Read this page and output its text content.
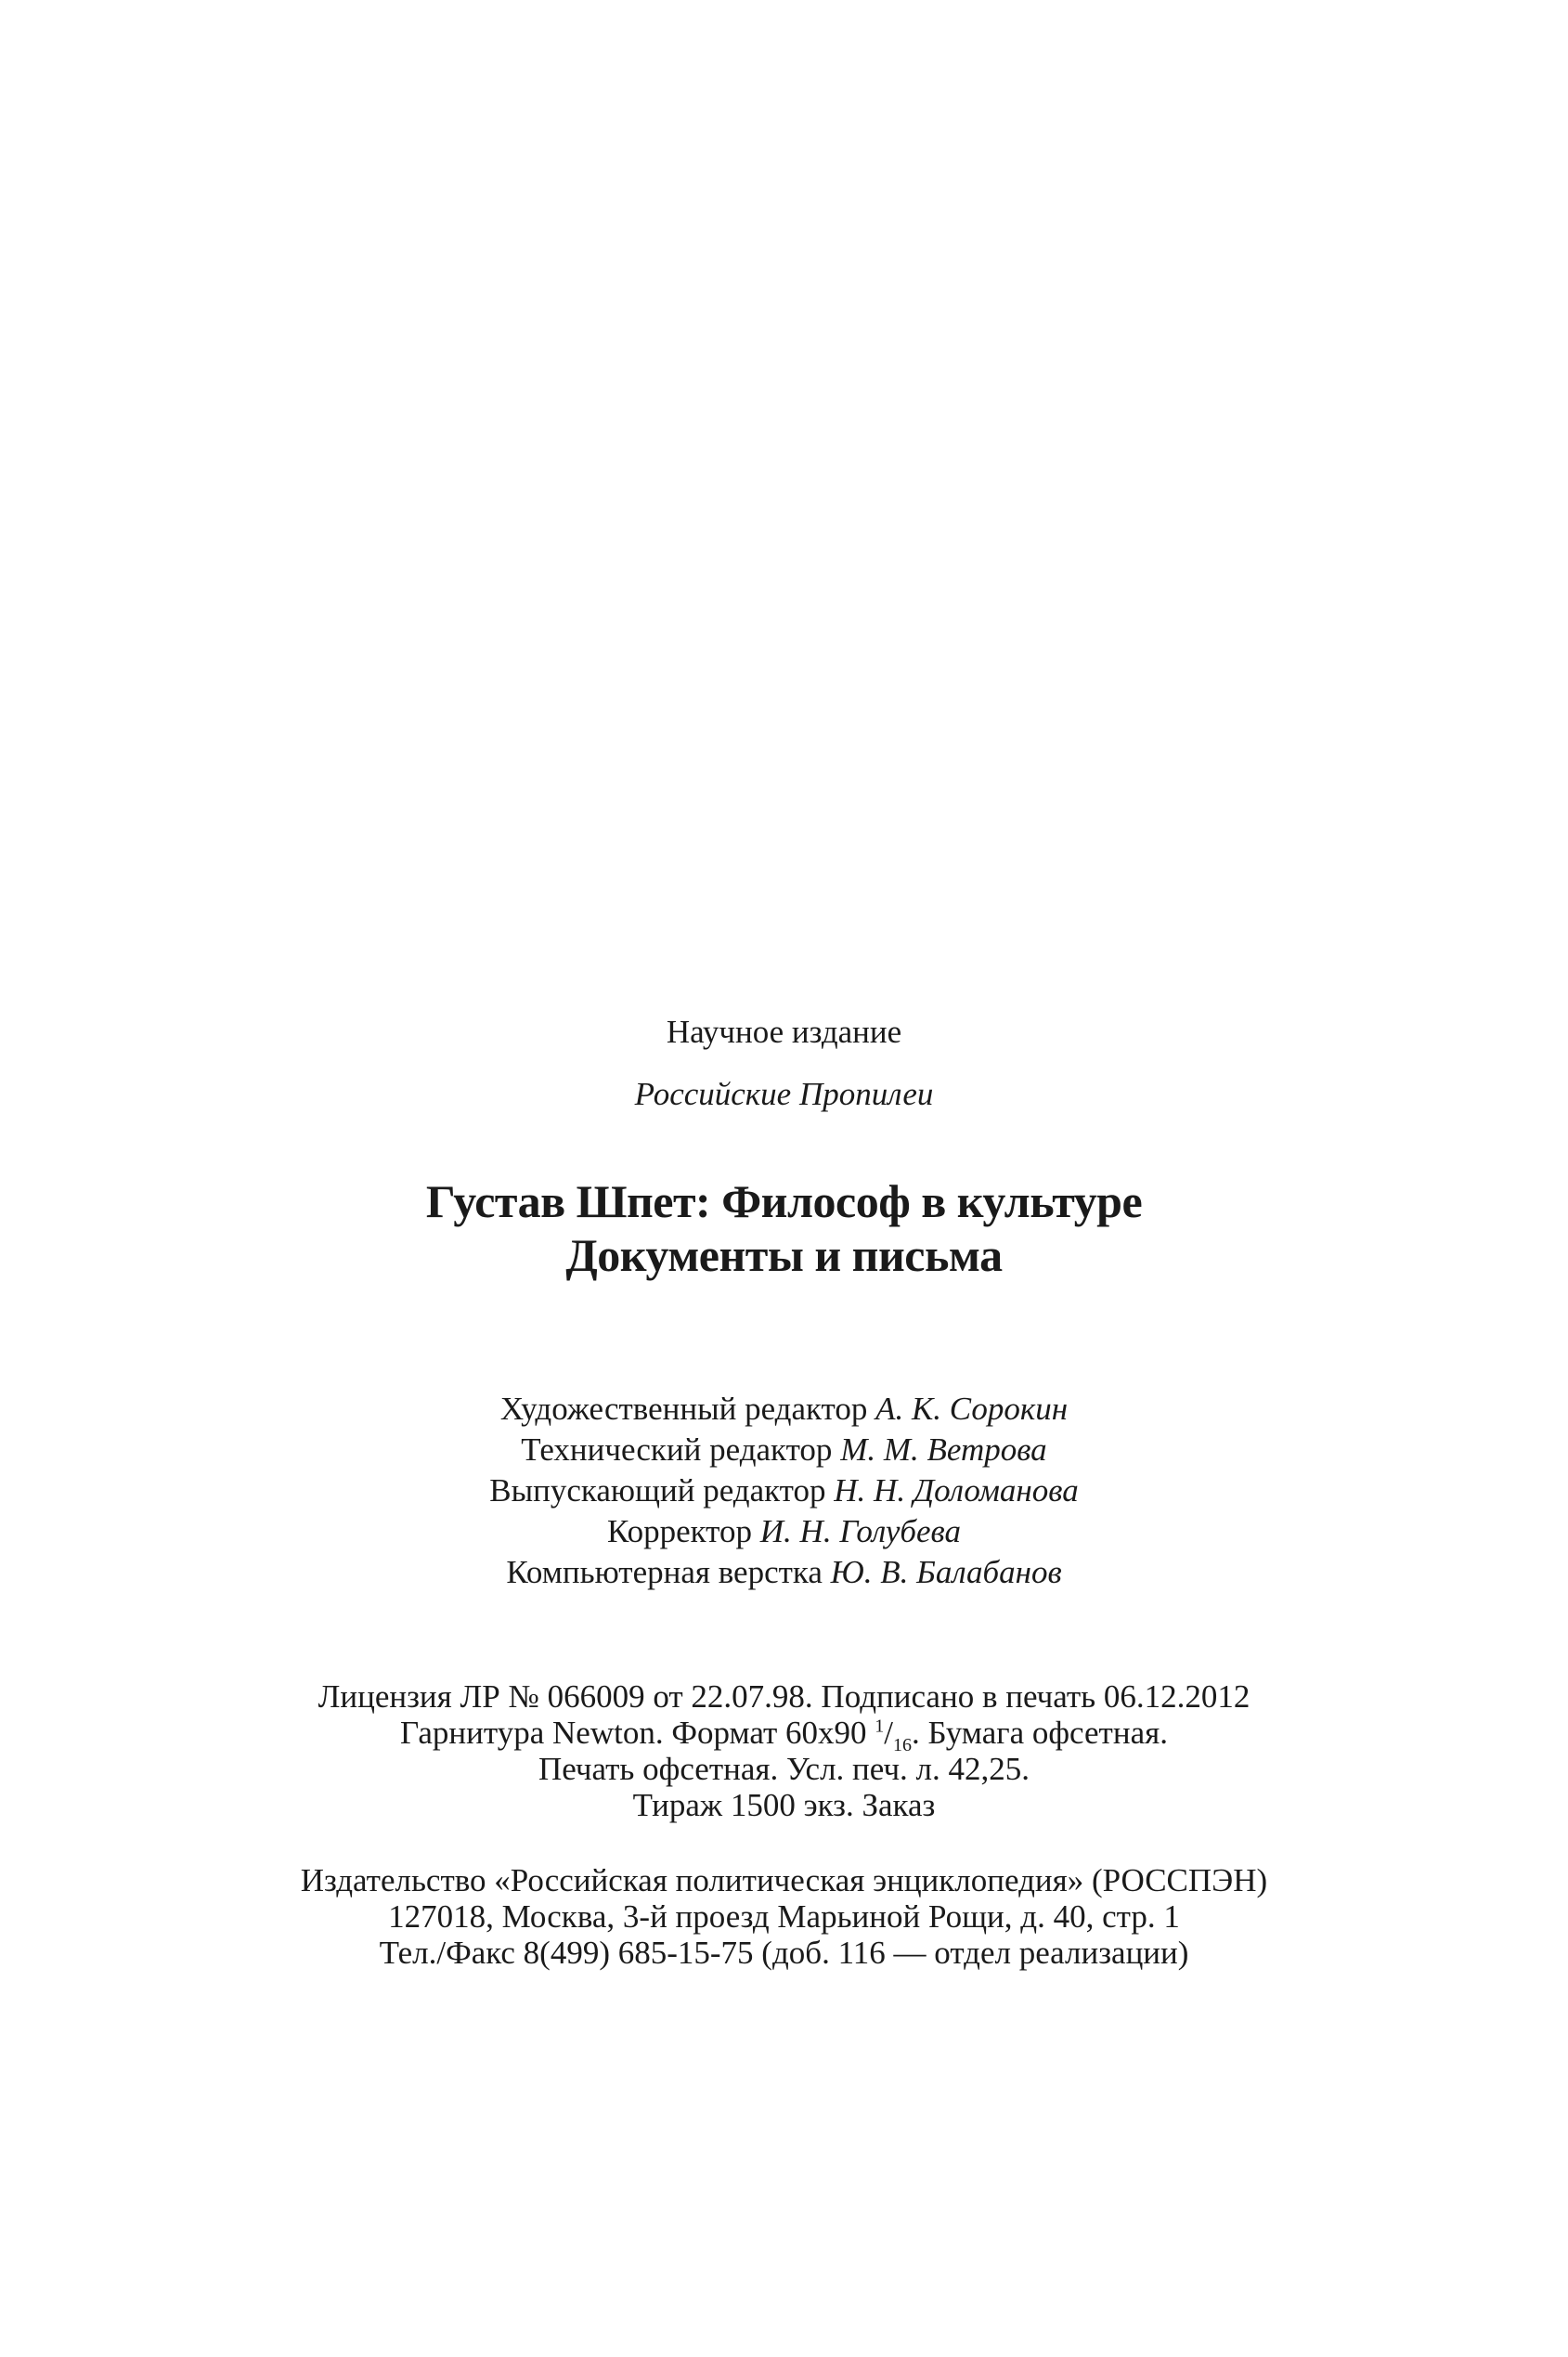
Научное издание
Российские Пропилеи
Густав Шпет: Философ в культуре
Документы и письма
Художественный редактор А. К. Сорокин
Технический редактор М. М. Ветрова
Выпускающий редактор Н. Н. Доломанова
Корректор И. Н. Голубева
Компьютерная верстка Ю. В. Балабанов
Лицензия ЛР № 066009 от 22.07.98. Подписано в печать 06.12.2012
Гарнитура Newton. Формат 60х90 $^1/_{16}$. Бумага офсетная.
Печать офсетная. Усл. печ. л. 42,25.
Тираж 1500 экз. Заказ
Издательство «Российская политическая энциклопедия» (РОССПЭН)
127018, Москва, 3-й проезд Марьиной Рощи, д. 40, стр. 1
Тел./Факс 8(499) 685-15-75 (доб. 116 — отдел реализации)
